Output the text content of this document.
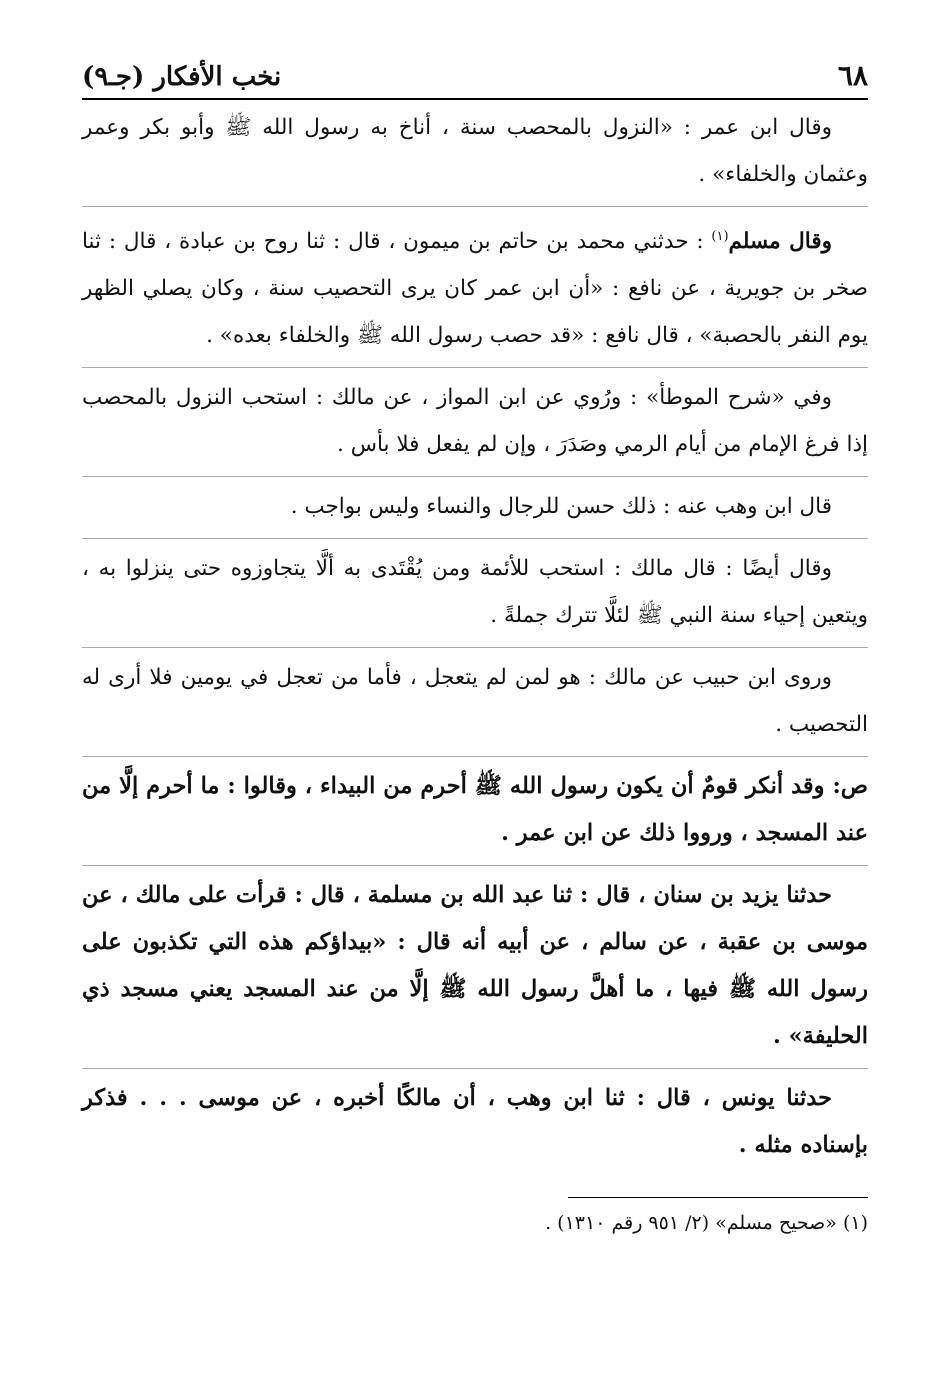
٦٨
نخب الأفكار (جـ٩)

وقال ابن عمر : «النزول بالمحصب سنة ، أناخ به رسول الله ﷺ وأبو بكر وعمر وعثمان والخلفاء» .

وقال مسلم$^{(١)}$ : حدثني محمد بن حاتم بن ميمون ، قال : ثنا روح بن عبادة ، قال : ثنا صخر بن جويرية ، عن نافع : «أن ابن عمر كان يرى التحصيب سنة ، وكان يصلي الظهر يوم النفر بالحصبة» ، قال نافع : «قد حصب رسول الله ﷺ والخلفاء بعده» .

وفي «شرح الموطأ» : ورُوي عن ابن المواز ، عن مالك : استحب النزول بالمحصب إذا فرغ الإمام من أيام الرمي وصَدَرَ ، وإن لم يفعل فلا بأس .

قال ابن وهب عنه : ذلك حسن للرجال والنساء وليس بواجب .

وقال أيضًا : قال مالك : استحب للأئمة ومن يُقْتَدى به ألَّا يتجاوزوه حتى ينزلوا به ، ويتعين إحياء سنة النبي ﷺ لئلَّا تترك جملةً .

وروى ابن حبيب عن مالك : هو لمن لم يتعجل ، فأما من تعجل في يومين فلا أرى له التحصيب .

ص: وقد أنكر قومٌ أن يكون رسول الله ﷺ أحرم من البيداء ، وقالوا : ما أحرم إلَّا من عند المسجد ، ورووا ذلك عن ابن عمر .

حدثنا يزيد بن سنان ، قال : ثنا عبد الله بن مسلمة ، قال : قرأت على مالك ، عن موسى بن عقبة ، عن سالم ، عن أبيه أنه قال : «بيداؤكم هذه التي تكذبون على رسول الله ﷺ فيها ، ما أهلَّ رسول الله ﷺ إلَّا من عند المسجد يعني مسجد ذي الحليفة» .

حدثنا يونس ، قال : ثنا ابن وهب ، أن مالكًا أخبره ، عن موسى . . . فذكر بإسناده مثله .

(١) «صحيح مسلم» (٢/ ٩٥١ رقم ١٣١٠) .
